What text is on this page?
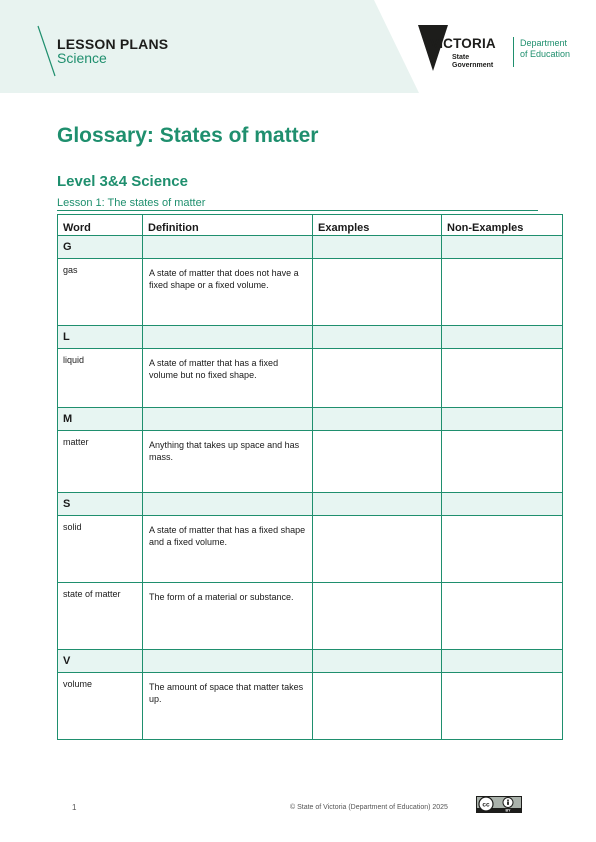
LESSON PLANS
Science
VICTORIA
State
Government
Department
of Education
Glossary: States of matter
Level 3&4 Science
Lesson 1: The states of matter
Word	Definition	Examples	Non-Examples
G			
gas	A state of matter that does not have a fixed shape or a fixed volume.		
L			
liquid	A state of matter that has a fixed volume but no fixed shape.		
M			
matter	Anything that takes up space and has mass.		
S			
solid	A state of matter that has a fixed shape and a fixed volume.		
state of matter	The form of a material or substance.		
V			
volume	The amount of space that matter takes up.		
1	© State of Victoria (Department of Education) 2025	cc
BY
